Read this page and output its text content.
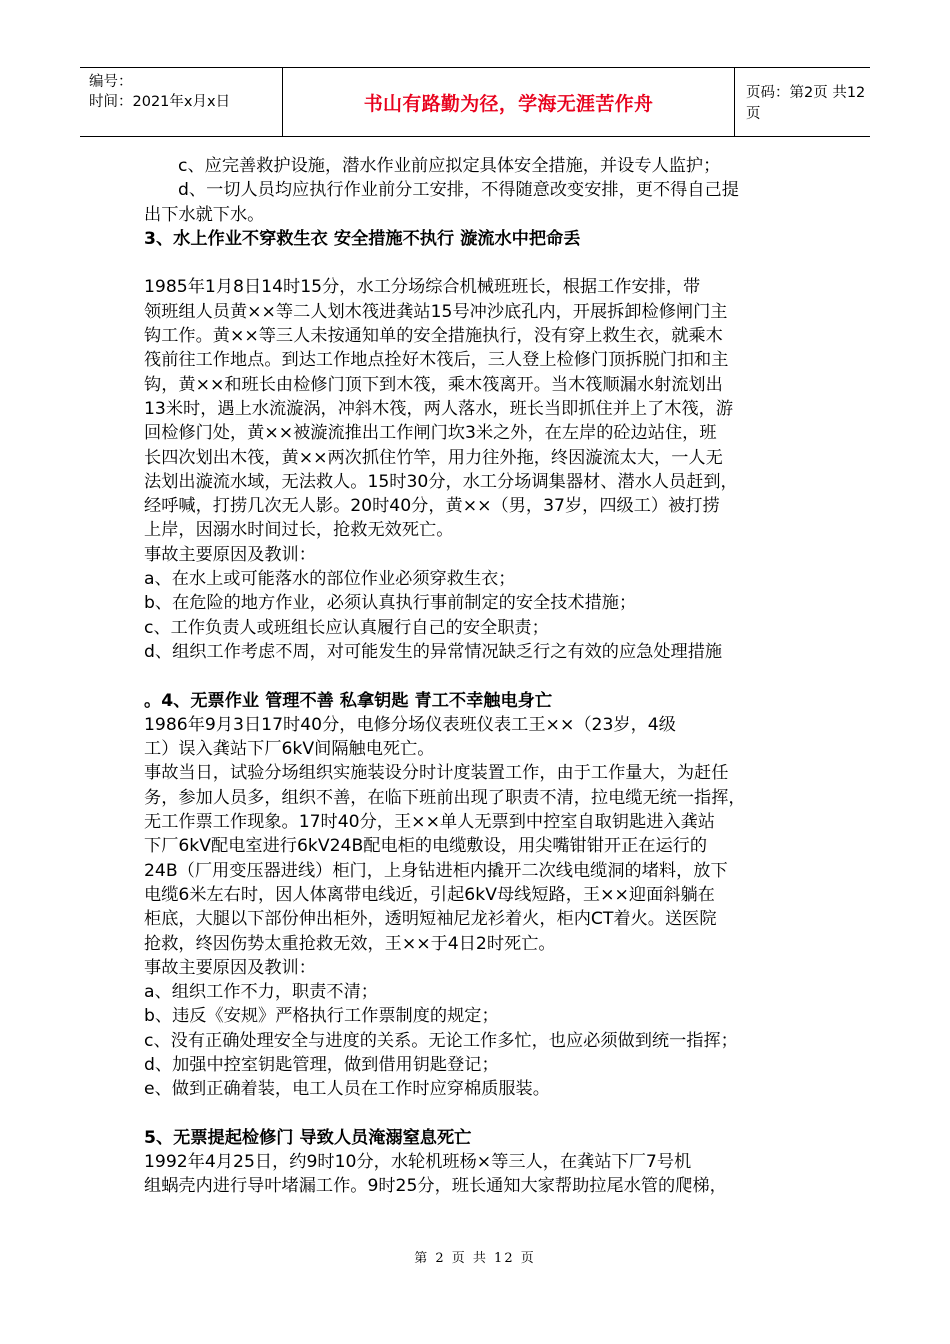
编号：
时间：2021年x月x日	书山有路勤为径，学海无涯苦作舟	页码：第2页 共12页

c、应完善救护设施，潜水作业前应拟定具体安全措施，并设专人监护；

d、一切人员均应执行作业前分工安排，不得随意改变安排，更不得自己提

出下水就下水。

3、水上作业不穿救生衣 安全措施不执行 漩流水中把命丢

1985年1月8日14时15分，水工分场综合机械班班长，根据工作安排，带

领班组人员黄××等二人划木筏进龚站15号冲沙底孔内，开展拆卸检修闸门主

钩工作。黄××等三人未按通知单的安全措施执行，没有穿上救生衣，就乘木

筏前往工作地点。到达工作地点拴好木筏后，三人登上检修门顶拆脱门扣和主

钩，黄××和班长由检修门顶下到木筏，乘木筏离开。当木筏顺漏水射流划出

13米时，遇上水流漩涡，冲斜木筏，两人落水，班长当即抓住并上了木筏，游

回检修门处，黄××被漩流推出工作闸门坎3米之外，在左岸的砼边站住，班

长四次划出木筏，黄××两次抓住竹竿，用力往外拖，终因漩流太大，一人无

法划出漩流水域，无法救人。15时30分，水工分场调集器材、潜水人员赶到，

经呼喊，打捞几次无人影。20时40分，黄××（男，37岁，四级工）被打捞

上岸，因溺水时间过长，抢救无效死亡。

事故主要原因及教训：

a、在水上或可能落水的部位作业必须穿救生衣；

b、在危险的地方作业，必须认真执行事前制定的安全技术措施；

c、工作负责人或班组长应认真履行自己的安全职责；

d、组织工作考虑不周，对可能发生的异常情况缺乏行之有效的应急处理措施

。4、无票作业 管理不善 私拿钥匙 青工不幸触电身亡

1986年9月3日17时40分，电修分场仪表班仪表工王××（23岁，4级

工）误入龚站下厂6kV间隔触电死亡。

事故当日，试验分场组织实施装设分时计度装置工作，由于工作量大，为赶任

务，参加人员多，组织不善，在临下班前出现了职责不清，拉电缆无统一指挥，

无工作票工作现象。17时40分，王××单人无票到中控室自取钥匙进入龚站

下厂6kV配电室进行6kV24B配电柜的电缆敷设，用尖嘴钳钳开正在运行的

24B（厂用变压器进线）柜门，上身钻进柜内撬开二次线电缆洞的堵料，放下

电缆6米左右时，因人体离带电线近，引起6kV母线短路，王××迎面斜躺在

柜底，大腿以下部份伸出柜外，透明短袖尼龙衫着火，柜内CT着火。送医院

抢救，终因伤势太重抢救无效，王××于4日2时死亡。

事故主要原因及教训：

a、组织工作不力，职责不清；

b、违反《安规》严格执行工作票制度的规定；

c、没有正确处理安全与进度的关系。无论工作多忙，也应必须做到统一指挥；

d、加强中控室钥匙管理，做到借用钥匙登记；

e、做到正确着装，电工人员在工作时应穿棉质服装。

5、无票提起检修门 导致人员淹溺窒息死亡

1992年4月25日，约9时10分，水轮机班杨×等三人，在龚站下厂7号机

组蜗壳内进行导叶堵漏工作。9时25分，班长通知大家帮助拉尾水管的爬梯，

第 2 页 共 12 页
